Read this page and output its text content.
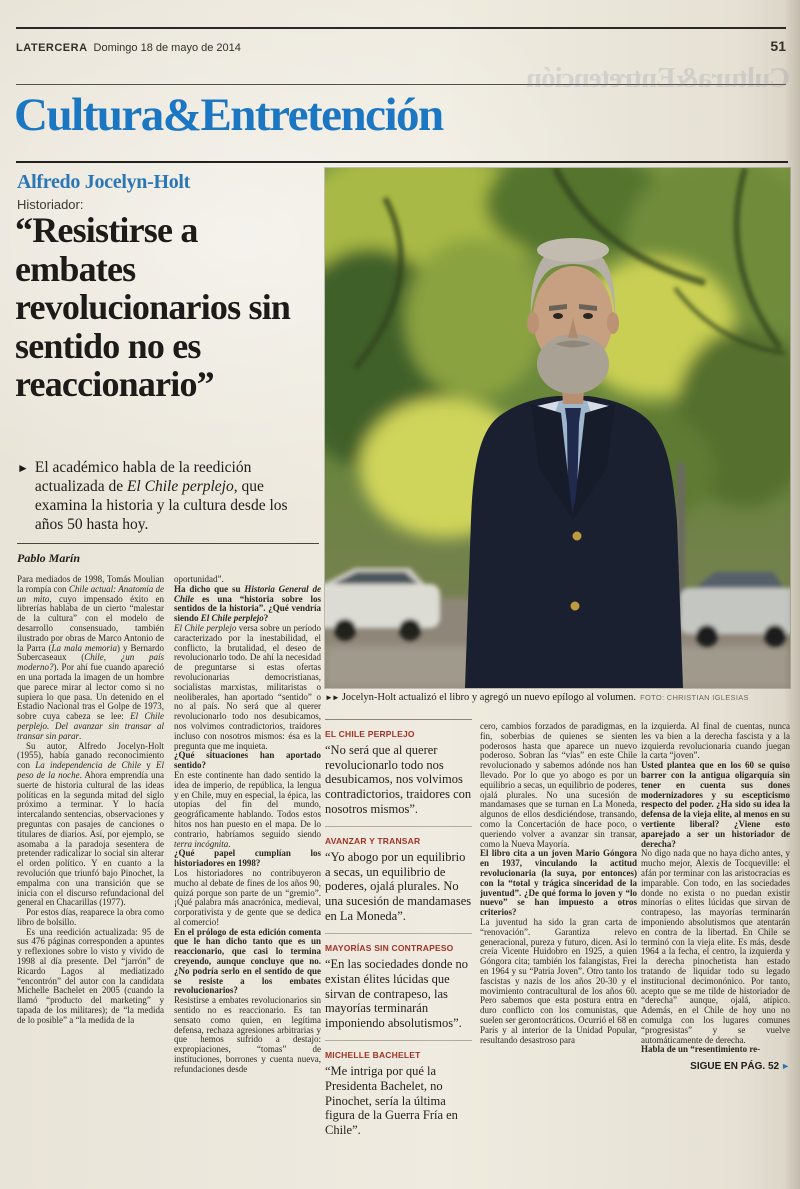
LATERCERA Domingo 18 de mayo de 2014	51
Cultura&Entretención
Cultura&Entretención
Alfredo Jocelyn-Holt
Historiador:
“Resistirse a embates revolucionarios sin sentido no es reaccionario”
► El académico habla de la reedición actualizada de El Chile perplejo, que examina la historia y la cultura desde los años 50 hasta hoy.
Pablo Marín

Para mediados de 1998, Tomás Moulian la rompía con Chile actual: Anatomía de un mito, cuyo impensado éxito en librerías hablaba de un cierto “malestar de la cultura” con el modelo de desarrollo consensuado, también ilustrado por obras de Marco Antonio de la Parra (La mala memoria) y Bernardo Subercaseaux (Chile, ¿un país moderno?). Por ahí fue cuando apareció en una portada la imagen de un hombre que parece mirar al lector como si no supiera lo que pasa. Un detenido en el Estadio Nacional tras el Golpe de 1973, sobre cuya cabeza se lee: El Chile perplejo. Del avanzar sin transar al transar sin parar.

Su autor, Alfredo Jocelyn-Holt (1955), había ganado reconocimiento con La independencia de Chile y El peso de la noche. Ahora emprendía una suerte de historia cultural de las ideas políticas en la segunda mitad del siglo próximo a terminar. Y lo hacía intercalando sentencias, observaciones y preguntas con pasajes de canciones o titulares de diarios. Así, por ejemplo, se asomaba a la paradoja sesentera de pretender radicalizar lo social sin alterar el orden político. Y en cuanto a la revolución que triunfó bajo Pinochet, la empalma con una transición que se inicia con el discurso refundacional del general en Chacarillas (1977).

Por estos días, reaparece la obra como libro de bolsillo.

Es una reedición actualizada: 95 de sus 476 páginas corresponden a apuntes y reflexiones sobre lo visto y vivido de 1998 al día presente. Del “jarrón” de Ricardo Lagos al mediatizado “encontrón” del autor con la candidata Michelle Bachelet en 2005 (cuando la llamó “producto del marketing” y tapada de los militares); de “la medida de lo posible” a “la medida de la

oportunidad”.

Ha dicho que su Historia General de Chile es una “historia sobre los sentidos de la historia”. ¿Qué vendría siendo El Chile perplejo?

El Chile perplejo versa sobre un período caracterizado por la inestabilidad, el conflicto, la brutalidad, el deseo de revolucionarlo todo. De ahí la necesidad de preguntarse si estas ofertas revolucionarias democristianas, socialistas marxistas, militaristas o neoliberales, han aportado “sentido” o no al país. No será que al querer revolucionarlo todo nos desubicamos, nos volvimos contradictorios, traidores incluso con nosotros mismos: ésa es la pregunta que me inquieta.

¿Qué situaciones han aportado sentido?

En este continente han dado sentido la idea de imperio, de república, la lengua y en Chile, muy en especial, la épica, las utopías del fin del mundo, geográficamente hablando. Todos estos hitos nos han puesto en el mapa. De lo contrario, habríamos seguido siendo terra incógnita.

¿Qué papel cumplían los historiadores en 1998?

Los historiadores no contribuyeron mucho al debate de fines de los años 90, quizá porque son parte de un “gremio”. ¡Qué palabra más anacrónica, medieval, corporativista y de gente que se dedica al comercio!

En el prólogo de esta edición comenta que le han dicho tanto que es un reaccionario, que casi lo termina creyendo, aunque concluye que no. ¿No podría serlo en el sentido de que se resiste a los embates revolucionarios?

Resistirse a embates revolucionarios sin sentido no es reaccionario. Es tan sensato como quien, en legítima defensa, rechaza agresiones arbitrarias y que hemos sufrido a destajo: expropiaciones, “tomas” de instituciones, borrones y cuenta nueva, refundaciones desde

►► Jocelyn-Holt actualizó el libro y agregó un nuevo epílogo al volumen. FOTO: CHRISTIAN IGLESIAS
EL CHILE PERPLEJO
“No será que al querer revolucionarlo todo nos desubicamos, nos volvimos contradictorios, traidores con nosotros mismos”.
AVANZAR Y TRANSAR
“Yo abogo por un equilibrio a secas, un equilibrio de poderes, ojalá plurales. No una sucesión de mandamases en La Moneda”.
MAYORÍAS SIN CONTRAPESO
“En las sociedades donde no existan élites lúcidas que sirvan de contrapeso, las mayorías terminarán imponiendo absolutismos”.
MICHELLE BACHELET
“Me intriga por qué la Presidenta Bachelet, no Pinochet, sería la última figura de la Guerra Fría en Chile”.

cero, cambios forzados de paradigmas, en fin, soberbias de quienes se sienten poderosos hasta que aparece un nuevo poderoso. Sobran las “vías” en este Chile revolucionado y sabemos adónde nos han llevado. Por lo que yo abogo es por un equilibrio a secas, un equilibrio de poderes, ojalá plurales. No una sucesión de mandamases que se turnan en La Moneda, algunos de ellos desdiciéndose, transando, como la Concertación de hace poco, o queriendo volver a avanzar sin transar, como la Nueva Mayoría.

El libro cita a un joven Mario Góngora en 1937, vinculando la actitud revolucionaria (la suya, por entonces) con la “total y trágica sinceridad de la juventud”. ¿De qué forma lo joven y “lo nuevo” se han impuesto a otros criterios?

La juventud ha sido la gran carta de “renovación”. Garantiza relevo generacional, pureza y futuro, dicen. Así lo creía Vicente Huidobro en 1925, a quien Góngora cita; también los falangistas, Frei en 1964 y su “Patria Joven”. Otro tanto los fascistas y nazis de los años 20-30 y el movimiento contracultural de los años 60. Pero sabemos que esta postura entra en duro conflicto con los comunistas, que suelen ser gerontocráticos. Ocurrió el 68 en París y al interior de la Unidad Popular, resultando desastroso para

la izquierda. Al final de cuentas, nunca les va bien a la derecha fascista y a la izquierda revolucionaria cuando juegan la carta “joven”.

Usted plantea que en los 60 se quiso barrer con la antigua oligarquía sin tener en cuenta sus dones modernizadores y su escepticismo respecto del poder. ¿Ha sido su idea la defensa de la vieja elite, al menos en su vertiente liberal? ¿Viene esto aparejado a ser un historiador de derecha?

No digo nada que no haya dicho antes, y mucho mejor, Alexis de Tocqueville: el afán por terminar con las aristocracias es imparable. Con todo, en las sociedades donde no exista o no puedan existir minorías o elites lúcidas que sirvan de contrapeso, las mayorías terminarán imponiendo absolutismos que atentarán en contra de la libertad. En Chile se terminó con la vieja elite. Es más, desde 1964 a la fecha, el centro, la izquierda y la derecha pinochetista han estado tratando de liquidar todo su legado institucional decimonónico. Por tanto, acepto que se me tilde de historiador de “derecha” aunque, ojalá, atípico. Además, en el Chile de hoy uno no comulga con los lugares comunes “progresistas” y se vuelve automáticamente de derecha.

Habla de un “resentimiento re-

SIGUE EN PÁG. 52 ►
